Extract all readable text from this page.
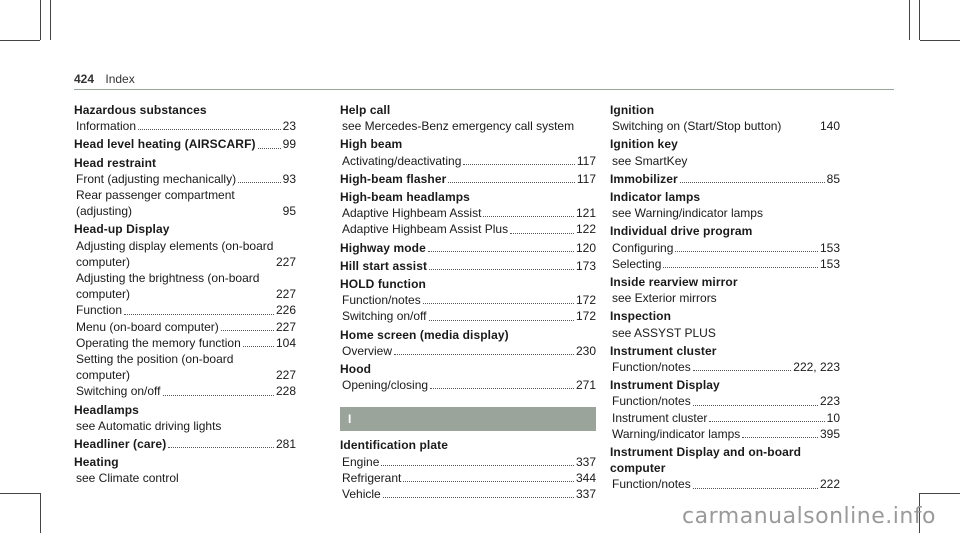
424 Index
Hazardous substances
Information	23
Head level heating (AIRSCARF) 99
Head restraint
Front (adjusting mechanically)	93
Rear passenger compartment (adjusting)	95
Head-up Display
Adjusting display elements (on-board computer)	227
Adjusting the brightness (on-board computer)	227
Function	226
Menu (on-board computer)	227
Operating the memory function	104
Setting the position (on-board computer)	227
Switching on/off	228
Headlamps
see Automatic driving lights
Headliner (care)	281
Heating
see Climate control
Help call
see Mercedes-Benz emergency call system
High beam
Activating/deactivating	117
High-beam flasher	117
High-beam headlamps
Adaptive Highbeam Assist	121
Adaptive Highbeam Assist Plus	122
Highway mode	120
Hill start assist	173
HOLD function
Function/notes	172
Switching on/off	172
Home screen (media display)
Overview	230
Hood
Opening/closing	271
I
Identification plate
Engine	337
Refrigerant	344
Vehicle	337
Ignition
Switching on (Start/Stop button)	140
Ignition key
see SmartKey
Immobilizer	85
Indicator lamps
see Warning/indicator lamps
Individual drive program
Configuring	153
Selecting	153
Inside rearview mirror
see Exterior mirrors
Inspection
see ASSYST PLUS
Instrument cluster
Function/notes	222, 223
Instrument Display
Function/notes	223
Instrument cluster	10
Warning/indicator lamps	395
Instrument Display and on-board computer
Function/notes	222
carmanualsonline.info
